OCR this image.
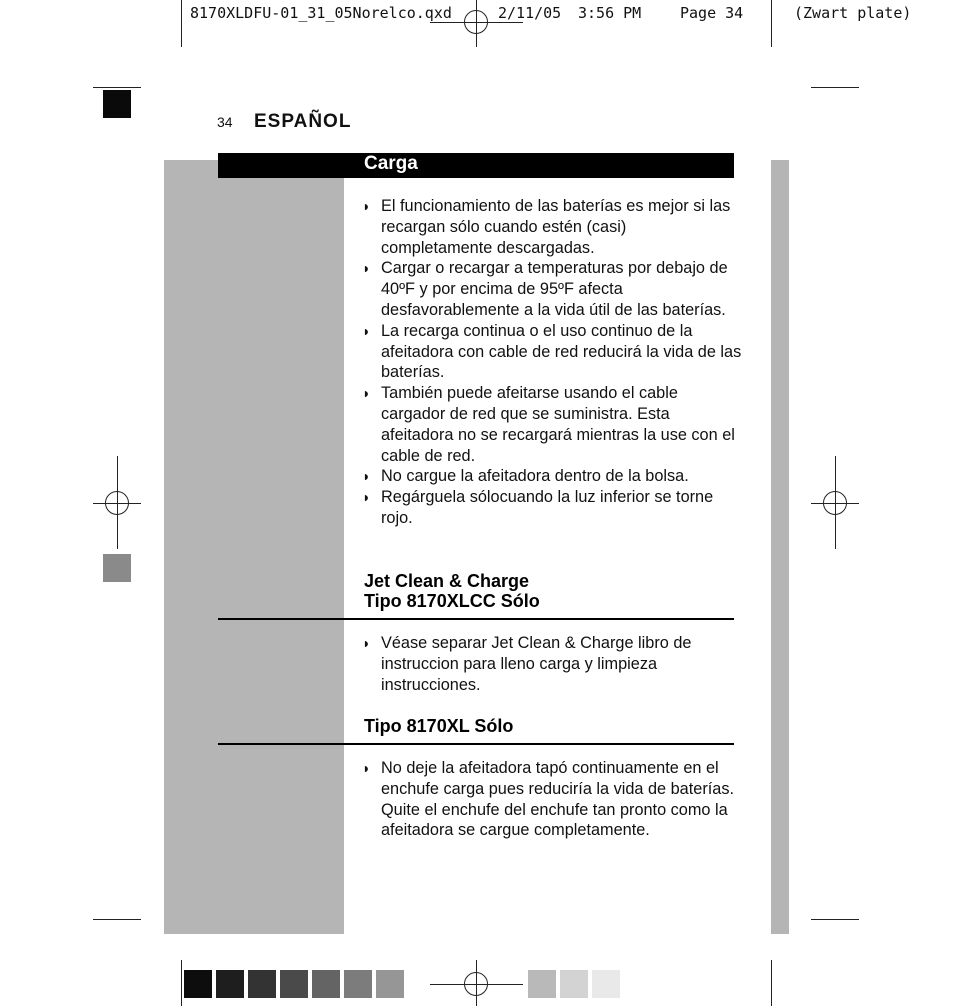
8170XLDFU-01_31_05Norelco.qxd	2/11/05 3:56 PM	Page 34	(Zwart plate)
34 ESPAÑOL
Carga
◗ El funcionamiento de las baterías es mejor si las recargan sólo cuando estén (casi) completamente descargadas.
◗ Cargar o recargar a temperaturas por debajo de 40ºF y por encima de 95ºF afecta desfavorablemente a la vida útil de las baterías.
◗ La recarga continua o el uso continuo de la afeitadora con cable de red reducirá la vida de las baterías.
◗ También puede afeitarse usando el cable cargador de red que se suministra. Esta afeitadora no se recargará mientras la use con el cable de red.
◗ No cargue la afeitadora dentro de la bolsa.
◗ Regárguela sólocuando la luz inferior se torne rojo.
Jet Clean & Charge
Tipo 8170XLCC Sólo
◗ Véase separar Jet Clean & Charge libro de instruccion para lleno carga y limpieza instrucciones.
Tipo 8170XL Sólo
◗ No deje la afeitadora tapó continuamente en el enchufe carga pues reduciría la vida de baterías. Quite el enchufe del enchufe tan pronto como la afeitadora se cargue completamente.
